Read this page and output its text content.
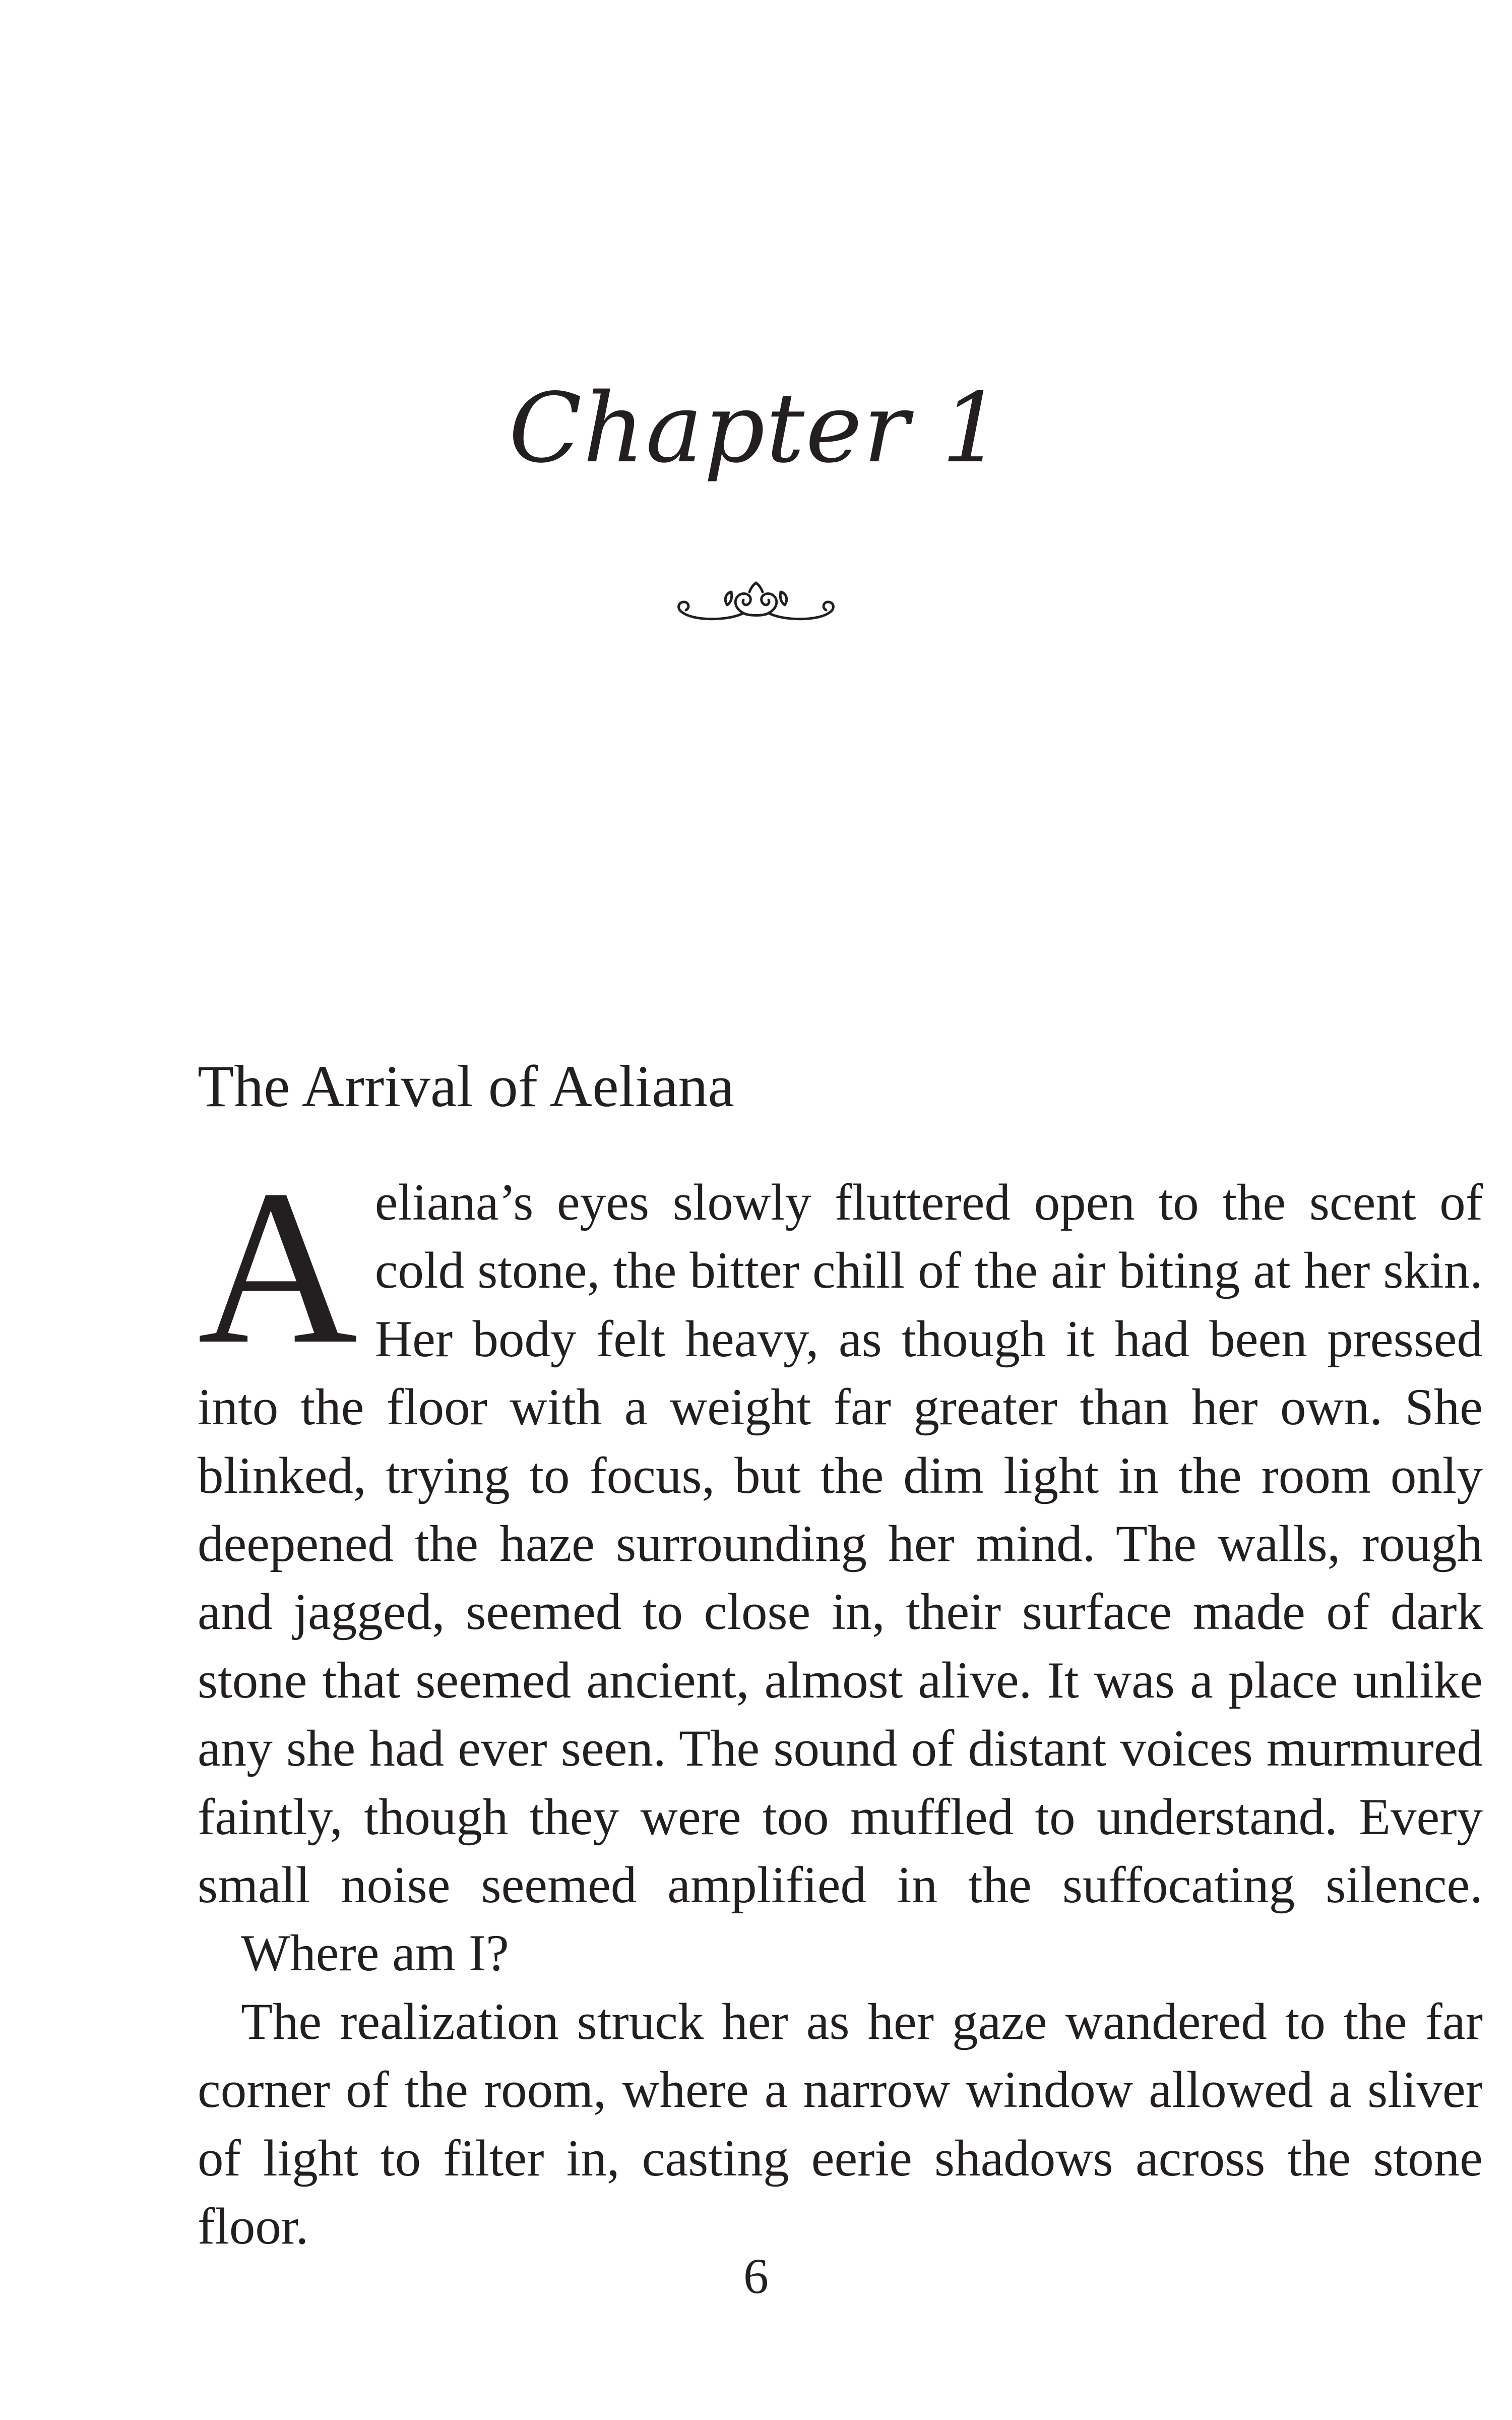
Chapter 1
The Arrival of Aeliana

Aeliana’s eyes slowly fluttered open to the scent of cold stone, the bitter chill of the air biting at her skin. Her body felt heavy, as though it had been pressed into the floor with a weight far greater than her own. She blinked, trying to focus, but the dim light in the room only deepened the haze surrounding her mind. The walls, rough and jagged, seemed to close in, their surface made of dark stone that seemed ancient, almost alive. It was a place unlike any she had ever seen. The sound of distant voices murmured faintly, though they were too muffled to understand. Every small noise seemed amplified in the suffocating silence.

Where am I?

The realization struck her as her gaze wandered to the far corner of the room, where a narrow window allowed a sliver of light to filter in, casting eerie shadows across the stone floor.

6
